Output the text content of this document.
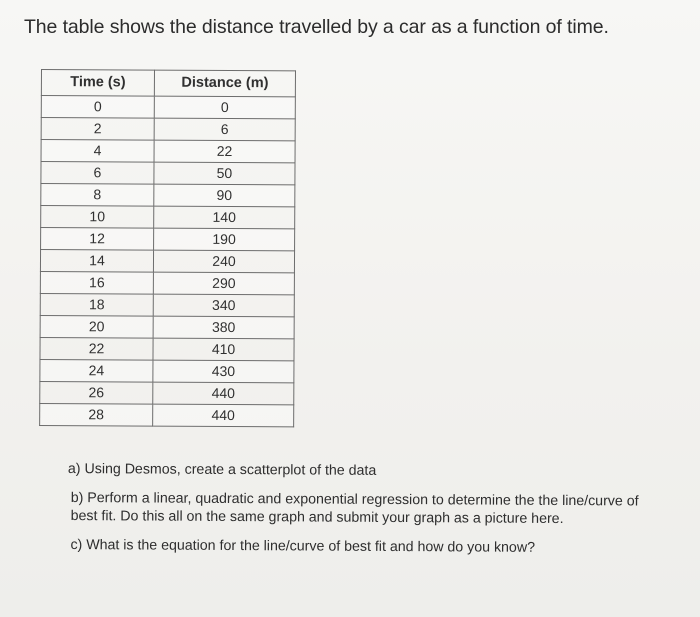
The table shows the distance travelled by a car as a function of time.
Time (s)	Distance (m)
0	0
2	6
4	22
6	50
8	90
10	140
12	190
14	240
16	290
18	340
20	380
22	410
24	430
26	440
28	440

a) Using Desmos, create a scatterplot of the data

b) Perform a linear, quadratic and exponential regression to determine the the line/curve of best fit. Do this all on the same graph and submit your graph as a picture here.

c) What is the equation for the line/curve of best fit and how do you know?
